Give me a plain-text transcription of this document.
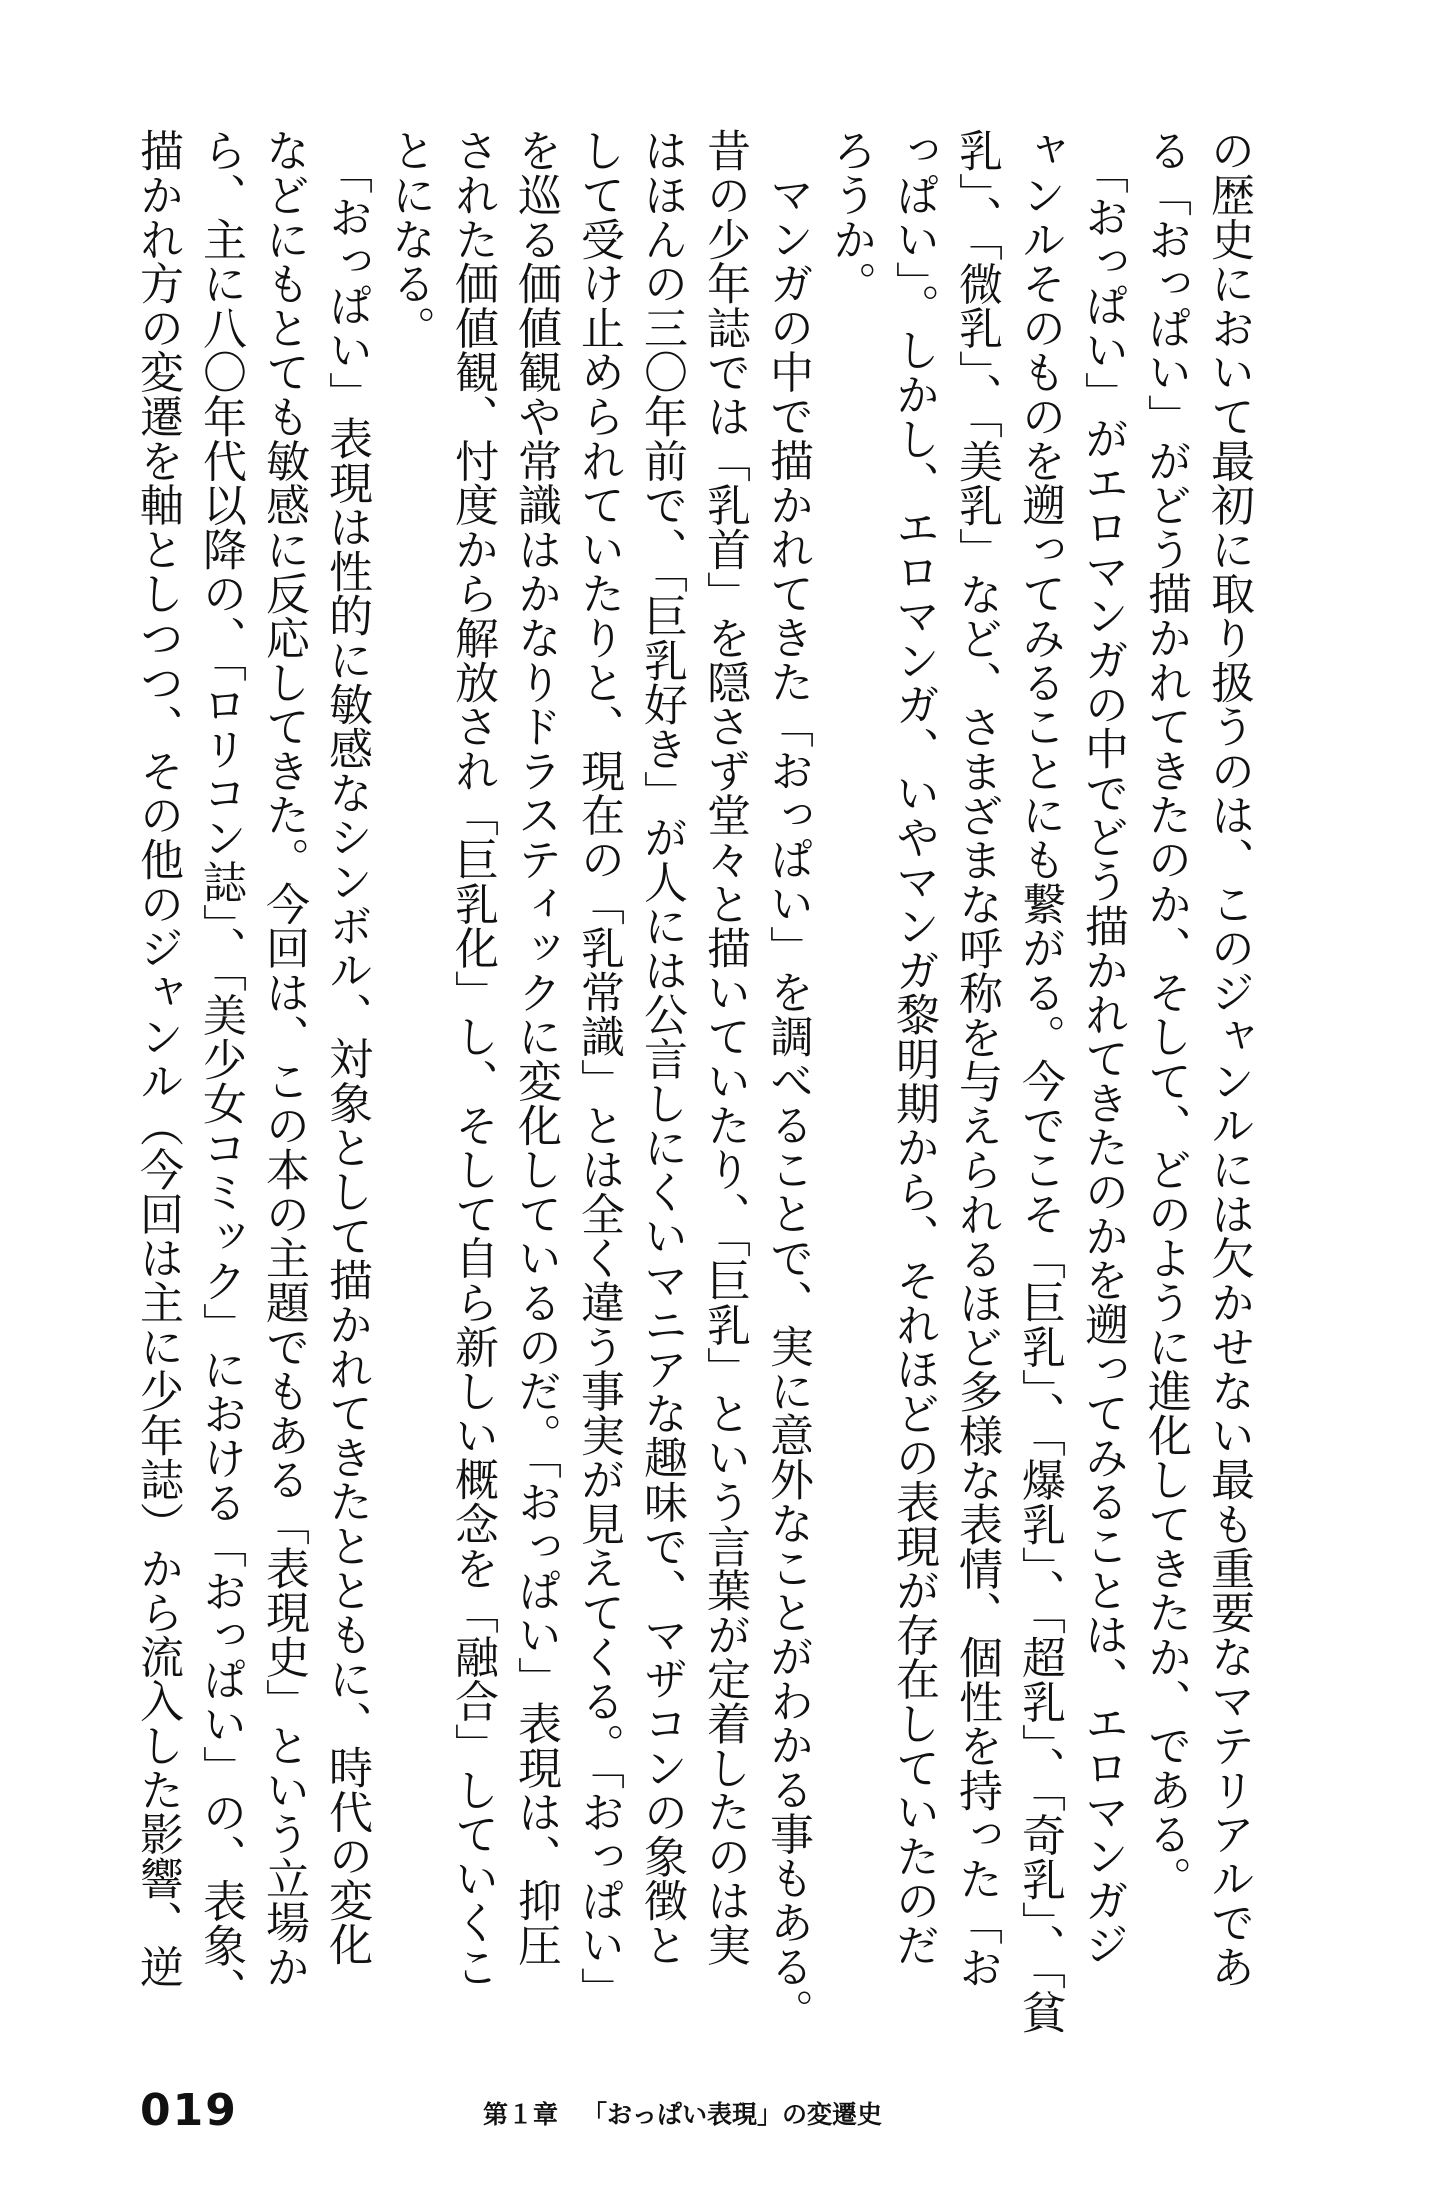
の歴史において最初に取り扱うのは、このジャンルには欠かせない最も重要なマテリアルであ
る「おっぱい」がどう描かれてきたのか、そして、どのように進化してきたか、である。
「おっぱい」がエロマンガの中でどう描かれてきたのかを遡ってみることは、エロマンガジ
ャンルそのものを遡ってみることにも繋がる。今でこそ「巨乳」、「爆乳」、「超乳」、「奇乳」、「貧
乳」、「微乳」、「美乳」など、さまざまな呼称を与えられるほど多様な表情、個性を持った「お
っぱい」。しかし、エロマンガ、いやマンガ黎明期から、それほどの表現が存在していたのだ
ろうか。
マンガの中で描かれてきた「おっぱい」を調べることで、実に意外なことがわかる事もある。
昔の少年誌では「乳首」を隠さず堂々と描いていたり、「巨乳」という言葉が定着したのは実
はほんの三〇年前で、「巨乳好き」が人には公言しにくいマニアな趣味で、マザコンの象徴と
して受け止められていたりと、現在の「乳常識」とは全く違う事実が見えてくる。「おっぱい」
を巡る価値観や常識はかなりドラスティックに変化しているのだ。「おっぱい」表現は、抑圧
された価値観、忖度から解放され「巨乳化」し、そして自ら新しい概念を「融合」していくこ
とになる。
「おっぱい」表現は性的に敏感なシンボル、対象として描かれてきたとともに、時代の変化
などにもとても敏感に反応してきた。今回は、この本の主題でもある「表現史」という立場か
ら、主に八〇年代以降の、「ロリコン誌」、「美少女コミック」における「おっぱい」の、表象、
描かれ方の変遷を軸としつつ、その他のジャンル（今回は主に少年誌）から流入した影響、逆
019	第１章 「おっぱい表現」の変遷史
